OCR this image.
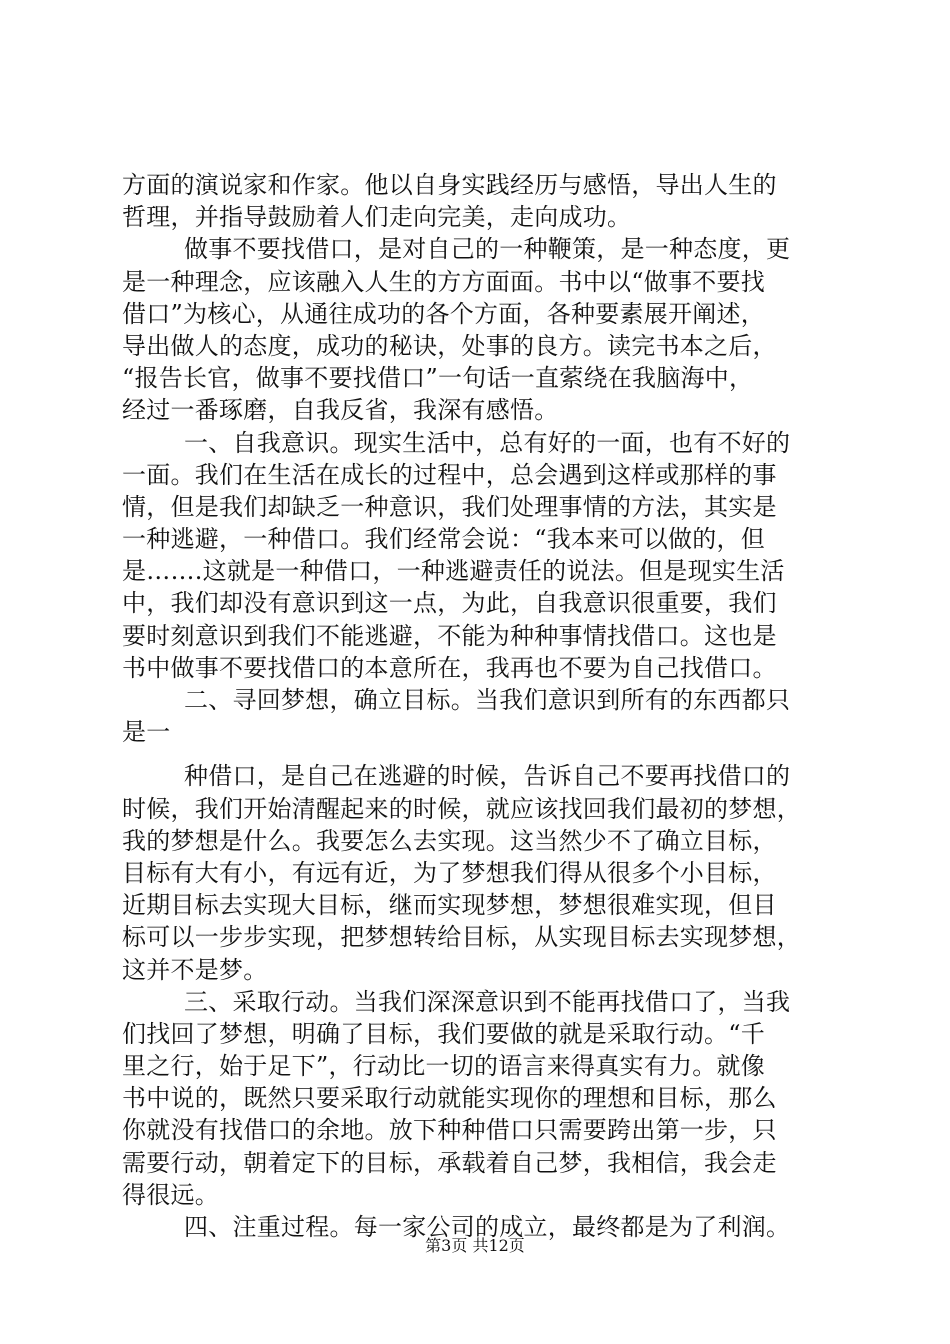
方面的演说家和作家。他以自身实践经历与感悟，导出人生的
哲理，并指导鼓励着人们走向完美，走向成功。
做事不要找借口，是对自己的一种鞭策，是一种态度，更
是一种理念，应该融入人生的方方面面。书中以“做事不要找
借口”为核心，从通往成功的各个方面，各种要素展开阐述，
导出做人的态度，成功的秘诀，处事的良方。读完书本之后，
“报告长官，做事不要找借口”一句话一直萦绕在我脑海中，
经过一番琢磨，自我反省，我深有感悟。
一、自我意识。现实生活中，总有好的一面，也有不好的
一面。我们在生活在成长的过程中，总会遇到这样或那样的事
情，但是我们却缺乏一种意识，我们处理事情的方法，其实是
一种逃避，一种借口。我们经常会说：“我本来可以做的，但
是…….这就是一种借口，一种逃避责任的说法。但是现实生活
中，我们却没有意识到这一点，为此，自我意识很重要，我们
要时刻意识到我们不能逃避，不能为种种事情找借口。这也是
书中做事不要找借口的本意所在，我再也不要为自己找借口。
二、寻回梦想，确立目标。当我们意识到所有的东西都只
是一
种借口，是自己在逃避的时候，告诉自己不要再找借口的
时候，我们开始清醒起来的时候，就应该找回我们最初的梦想，
我的梦想是什么。我要怎么去实现。这当然少不了确立目标，
目标有大有小，有远有近，为了梦想我们得从很多个小目标，
近期目标去实现大目标，继而实现梦想，梦想很难实现，但目
标可以一步步实现，把梦想转给目标，从实现目标去实现梦想，
这并不是梦。
三、采取行动。当我们深深意识到不能再找借口了，当我
们找回了梦想，明确了目标，我们要做的就是采取行动。“千
里之行，始于足下”，行动比一切的语言来得真实有力。就像
书中说的，既然只要采取行动就能实现你的理想和目标，那么
你就没有找借口的余地。放下种种借口只需要跨出第一步，只
需要行动，朝着定下的目标，承载着自己梦，我相信，我会走
得很远。
四、注重过程。每一家公司的成立，最终都是为了利润。
第3页 共12页
